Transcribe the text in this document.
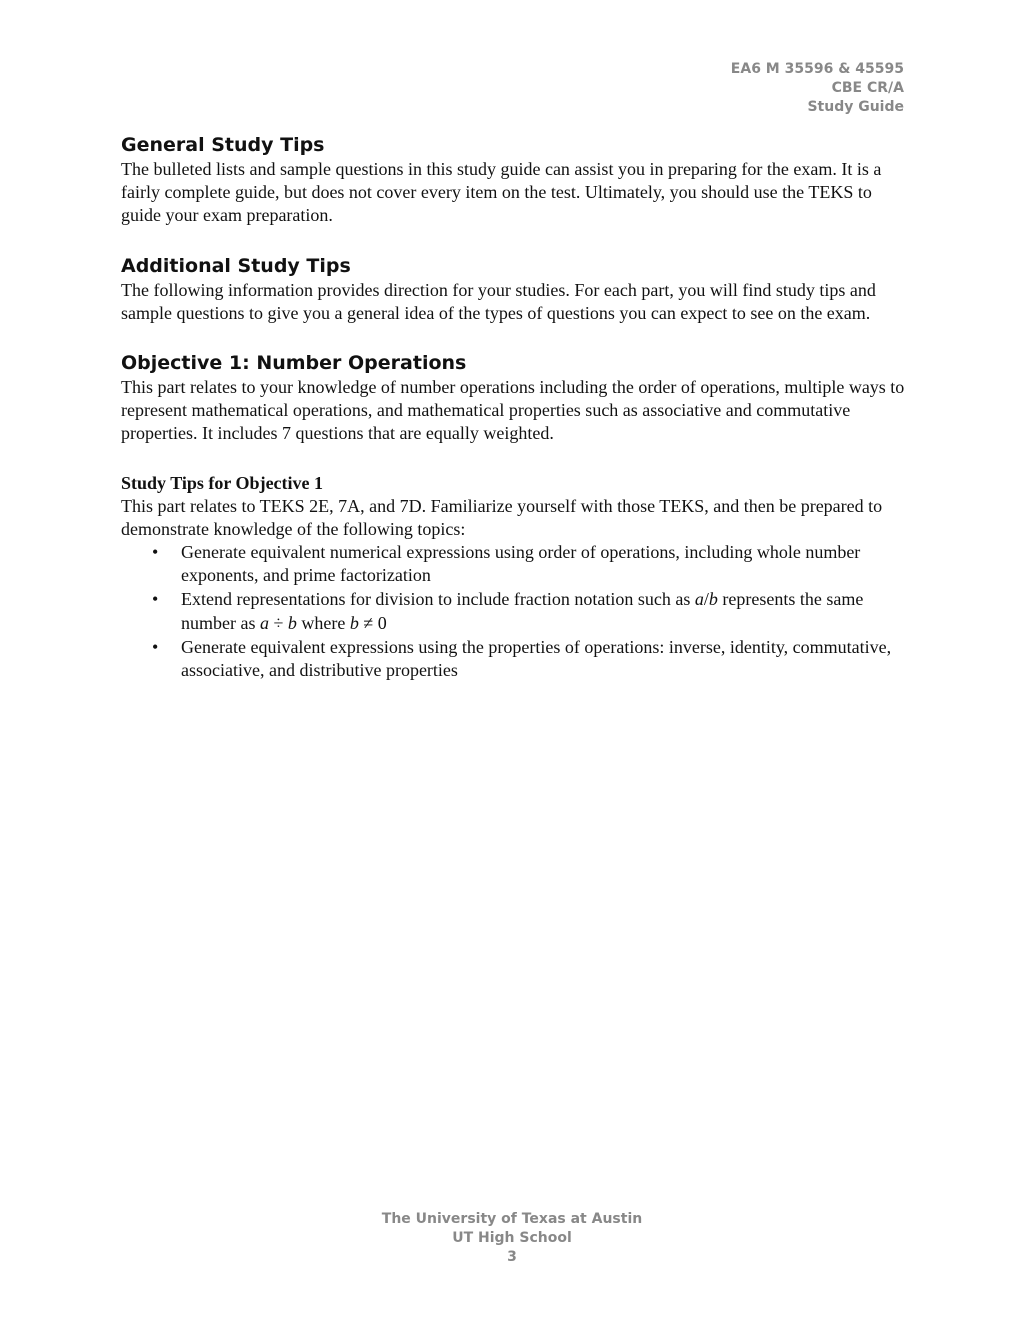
EA6 M 35596 & 45595
CBE CR/A
Study Guide
General Study Tips

The bulleted lists and sample questions in this study guide can assist you in preparing for the exam. It is a fairly complete guide, but does not cover every item on the test. Ultimately, you should use the TEKS to guide your exam preparation.

Additional Study Tips

The following information provides direction for your studies. For each part, you will find study tips and sample questions to give you a general idea of the types of questions you can expect to see on the exam.

Objective 1: Number Operations

This part relates to your knowledge of number operations including the order of operations, multiple ways to represent mathematical operations, and mathematical properties such as associative and commutative properties. It includes 7 questions that are equally weighted.

Study Tips for Objective 1

This part relates to TEKS 2E, 7A, and 7D. Familiarize yourself with those TEKS, and then be prepared to demonstrate knowledge of the following topics:

• Generate equivalent numerical expressions using order of operations, including whole number exponents, and prime factorization
• Extend representations for division to include fraction notation such as a/b represents the same number as a ÷ b where b ≠ 0
• Generate equivalent expressions using the properties of operations: inverse, identity, commutative, associative, and distributive properties
The University of Texas at Austin
UT High School
3
